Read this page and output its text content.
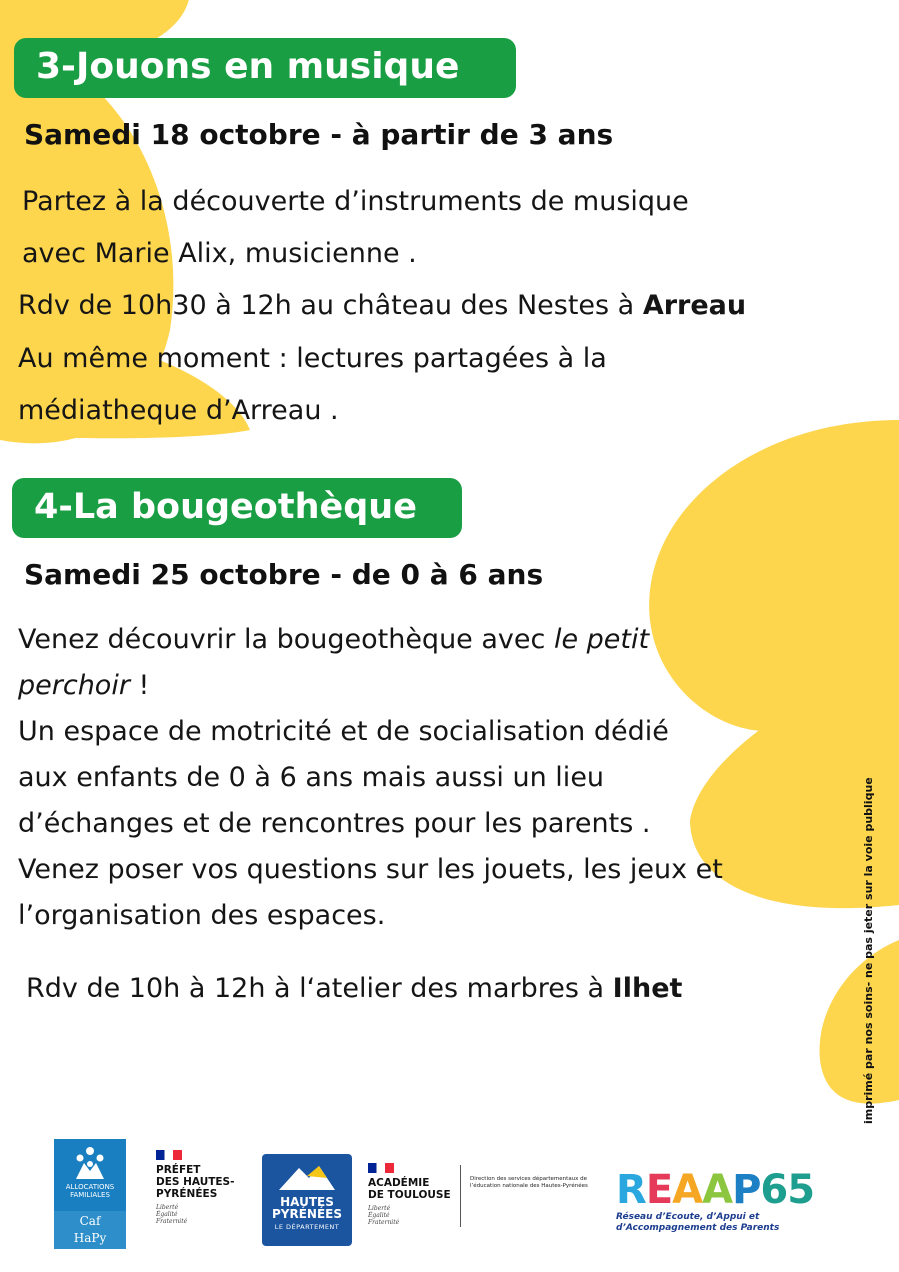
3-Jouons en musique
Samedi 18 octobre - à partir de 3 ans
Partez à la découverte d’instruments de musique
avec Marie Alix, musicienne .
Rdv de 10h30 à 12h au château des Nestes à Arreau
Au même moment : lectures partagées à la
médiatheque d’Arreau .
4-La bougeothèque
Samedi 25 octobre - de 0 à 6 ans
Venez découvrir la bougeothèque avec le petit
perchoir !
Un espace de motricité et de socialisation dédié
aux enfants de 0 à 6 ans mais aussi un lieu
d’échanges et de rencontres pour les parents .
Venez poser vos questions sur les jouets, les jeux et
l’organisation des espaces.
Rdv de 10h à 12h à l‘atelier des marbres à Ilhet	imprimé par nos soins- ne pas jeter sur la voie publique
ALLOCATIONS FAMILIALES
Caf
HaPy
PRÉFET
DES HAUTES-
PYRÉNÉES
Liberté
Égalité
Fraternité
HAUTES
PYRÉNÉES
LE DÉPARTEMENT
ACADÉMIE
DE TOULOUSE
Liberté
Égalité
Fraternité
Direction des services départementaux de l’éducation nationale des Hautes-Pyrénées REAAP65
Réseau d’Ecoute, d’Appui et
d’Accompagnement des Parents
